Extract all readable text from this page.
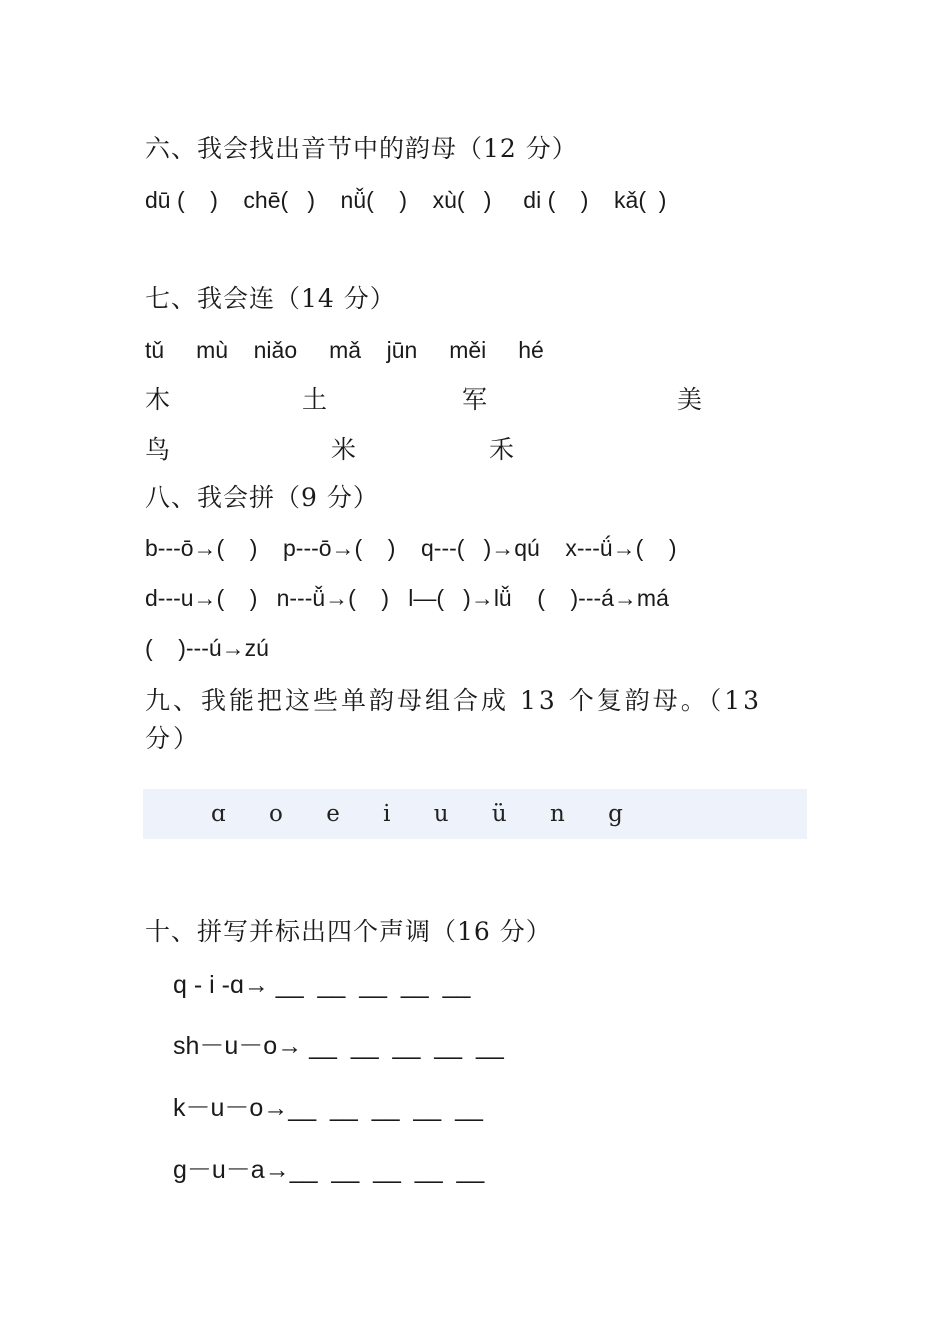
六、我会找出音节中的韵母（12 分）
dū (    )    chē(   )    nǚ(    )    xù(   )     di (    )    kǎ(  )
七、我会连（14 分）
tǔ     mù    niǎo     mǎ    jūn     měi     hé
木	土	军	美
鸟	米	禾
八、我会拼（9 分）
b---ō→(    )    p---ō→(    )    q---(   )→qú    x---ǘ→(    )
d---u→(    )   n---ǚ→(    )   l—(   )→lǚ    (    )---á→má
(    )---ú→zú
九、我能把这些单韵母组合成 13 个复韵母。（13 分）
ɑ o e i u ü n g
十、拼写并标出四个声调（16 分）
q - i -ɑ→ __  __  __  __  __
sh－u－o→ __  __  __  __  __
k－u－o→__  __  __  __  __
g－u－a→__  __  __  __  __
